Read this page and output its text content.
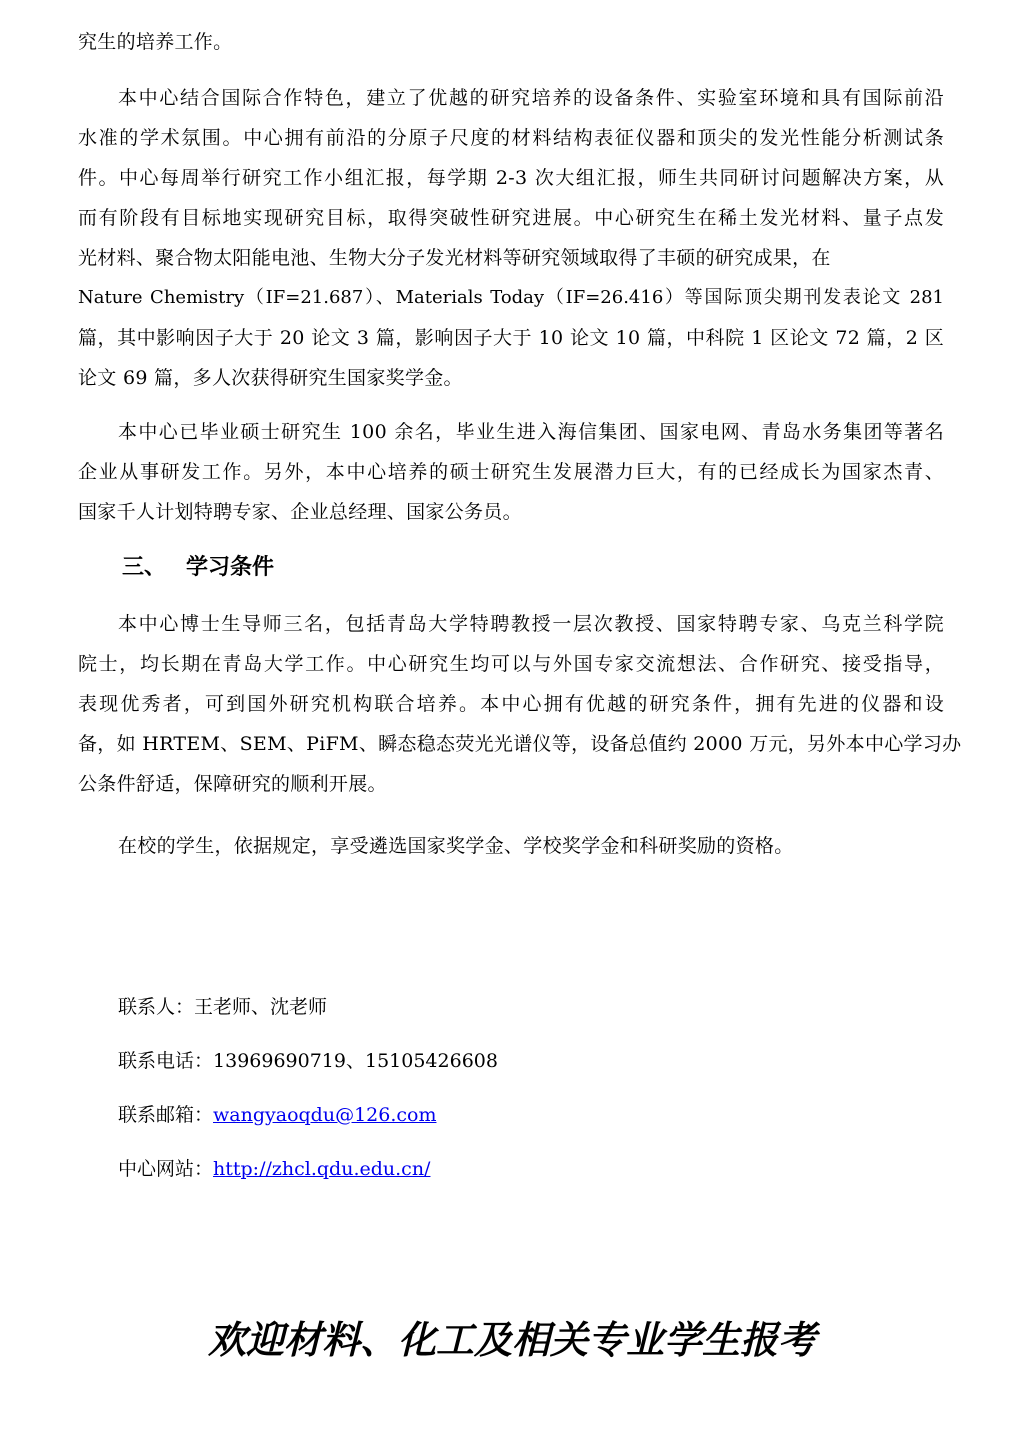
究生的培养工作。

本中心结合国际合作特色，建立了优越的研究培养的设备条件、实验室环境和具有国际前沿
水准的学术氛围。中心拥有前沿的分原子尺度的材料结构表征仪器和顶尖的发光性能分析测试条
件。中心每周举行研究工作小组汇报，每学期 2-3 次大组汇报，师生共同研讨问题解决方案，从
而有阶段有目标地实现研究目标，取得突破性研究进展。中心研究生在稀土发光材料、量子点发
光材料、聚合物太阳能电池、生物大分子发光材料等研究领域取得了丰硕的研究成果，在
Nature Chemistry（IF=21.687）、Materials Today（IF=26.416）等国际顶尖期刊发表论文 281
篇，其中影响因子大于 20 论文 3 篇，影响因子大于 10 论文 10 篇，中科院 1 区论文 72 篇，2 区
论文 69 篇，多人次获得研究生国家奖学金。

本中心已毕业硕士研究生 100 余名，毕业生进入海信集团、国家电网、青岛水务集团等著名
企业从事研发工作。另外，本中心培养的硕士研究生发展潜力巨大，有的已经成长为国家杰青、
国家千人计划特聘专家、企业总经理、国家公务员。

三、 学习条件

本中心博士生导师三名，包括青岛大学特聘教授一层次教授、国家特聘专家、乌克兰科学院
院士，均长期在青岛大学工作。中心研究生均可以与外国专家交流想法、合作研究、接受指导，
表现优秀者，可到国外研究机构联合培养。本中心拥有优越的研究条件，拥有先进的仪器和设
备，如 HRTEM、SEM、PiFM、瞬态稳态荧光光谱仪等，设备总值约 2000 万元，另外本中心学习办
公条件舒适，保障研究的顺利开展。

在校的学生，依据规定，享受遴选国家奖学金、学校奖学金和科研奖励的资格。

联系人：王老师、沈老师

联系电话：13969690719、15105426608

联系邮箱：wangyaoqdu@126.com

中心网站：http://zhcl.qdu.edu.cn/

欢迎材料、化工及相关专业学生报考
